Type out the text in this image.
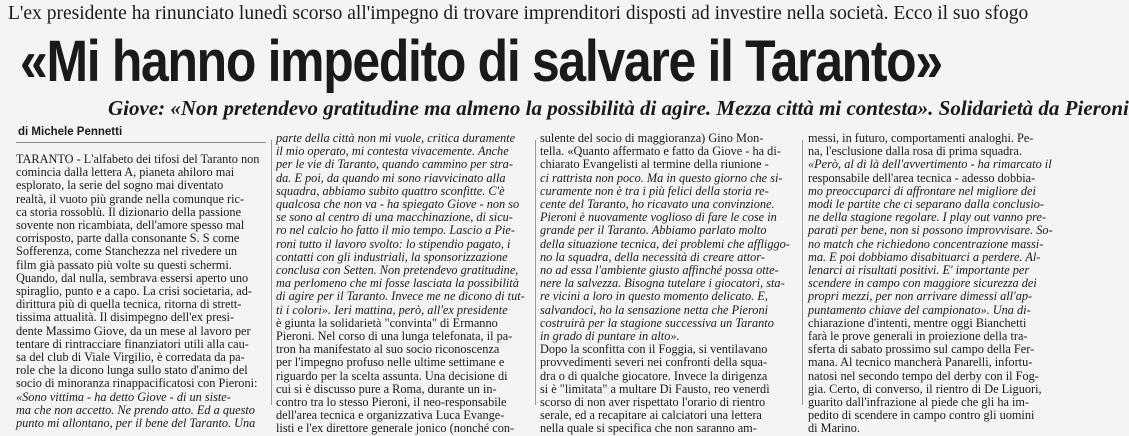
L'ex presidente ha rinunciato lunedì scorso all'impegno di trovare imprenditori disposti ad investire nella società. Ecco il suo sfogo
«Mi hanno impedito di salvare il Taranto»
Giove: «Non pretendevo gratitudine ma almeno la possibilità di agire. Mezza città mi contesta». Solidarietà da Pieroni
di Michele Pennetti
TARANTO - L'alfabeto dei tifosi del Taranto non
comincia dalla lettera A, pianeta ahiloro mai
esplorato, la serie del sogno mai diventato
realtà, il vuoto più grande nella comunque ric-
ca storia rossoblù. Il dizionario della passione
sovente non ricambiata, dell'amore spesso mal
corrisposto, parte dalla consonante S. S come
Sofferenza, come Stanchezza nel rivedere un
film già passato più volte su questi schermi.
Quando, dal nulla, sembrava essersi aperto uno
spiraglio, punto e a capo. La crisi societaria, ad-
dirittura più di quella tecnica, ritorna di strett-
tissima attualità. Il disimpegno dell'ex presi-
dente Massimo Giove, da un mese al lavoro per
tentare di rintracciare finanziatori utili alla cau-
sa del club di Viale Virgilio, è corredata da pa-
role che la dicono lunga sullo stato d'animo del
socio di minoranza rinappacificatosi con Pieroni:
«Sono vittima - ha detto Giove - di un siste-
ma che non accetto. Ne prendo atto. Ed a questo
punto mi allontano, per il bene del Taranto. Una
parte della città non mi vuole, critica duramente
il mio operato, mi contesta vivacemente. Anche
per le vie di Taranto, quando cammino per stra-
da. E poi, da quando mi sono riavvicinato alla
squadra, abbiamo subito quattro sconfitte. C'è
qualcosa che non va - ha spiegato Giove - non so
se sono al centro di una macchinazione, di sicu-
ro nel calcio ho fatto il mio tempo. Lascio a Pie-
roni tutto il lavoro svolto: lo stipendio pagato, i
contatti con gli industriali, la sponsorizzazione
conclusa con Setten. Non pretendevo gratitudine,
ma perlomeno che mi fosse lasciata la possibilità
di agire per il Taranto. Invece me ne dicono di tut-
ti i colori». Ieri mattina, però, all'ex presidente
è giunta la solidarietà "convinta" di Ermanno
Pieroni. Nel corso di una lunga telefonata, il pa-
tron ha manifestato al suo socio riconoscenza
per l'impegno profuso nelle ultime settimane e
riguardo per la scelta assunta. Una decisione di
cui si è discusso pure a Roma, durante un in-
contro tra lo stesso Pieroni, il neo-responsabile
dell'area tecnica e organizzativa Luca Evange-
listi e l'ex direttore generale jonico (nonché con-
sulente del socio di maggioranza) Gino Mon-
tella. «Quanto affermato e fatto da Giove - ha di-
chiarato Evangelisti al termine della riunione -
ci rattrista non poco. Ma in questo giorno che si-
curamente non è tra i più felici della storia re-
cente del Taranto, ho ricavato una convinzione.
Pieroni è nuovamente voglioso di fare le cose in
grande per il Taranto. Abbiamo parlato molto
della situazione tecnica, dei problemi che affliggo-
no la squadra, della necessità di creare attor-
no ad essa l'ambiente giusto affinché possa otte-
nere la salvezza. Bisogna tutelare i giocatori, sta-
re vicini a loro in questo momento delicato. E,
salvandoci, ho la sensazione netta che Pieroni
costruirà per la stagione successiva un Taranto
in grado di puntare in alto».
Dopo la sconfitta con il Foggia, si ventilavano
provvedimenti severi nei confronti della squa-
dra o di qualche giocatore. Invece la dirigenza
si è "limitata" a multare Di Fausto, reo venerdì
scorso di non aver rispettato l'orario di rientro
serale, ed a recapitare ai calciatori una lettera
nella quale si specifica che non saranno am-
messi, in futuro, comportamenti analoghi. Pe-
na, l'esclusione dalla rosa di prima squadra.
«Però, al di là dell'avvertimento - ha rimarcato il
responsabile dell'area tecnica - adesso dobbia-
mo preoccuparci di affrontare nel migliore dei
modi le partite che ci separano dalla conclusio-
ne della stagione regolare. I play out vanno pre-
parati per bene, non si possono improvvisare. So-
no match che richiedono concentrazione massi-
ma. E poi dobbiamo disabituarci a perdere. Al-
lenarci ai risultati positivi. E' importante per
scendere in campo con maggiore sicurezza dei
propri mezzi, per non arrivare dimessi all'ap-
puntamento chiave del campionato». Una di-
chiarazione d'intenti, mentre oggi Bianchetti
farà le prove generali in proiezione della tra-
sferta di sabato prossimo sul campo della Fer-
mana. Al tecnico mancherà Panarelli, infortu-
natosi nel secondo tempo del derby con il Fog-
gia. Certo, di converso, il rientro di De Liguori,
guarito dall'infrazione al piede che gli ha im-
pedito di scendere in campo contro gli uomini
di Marino.
